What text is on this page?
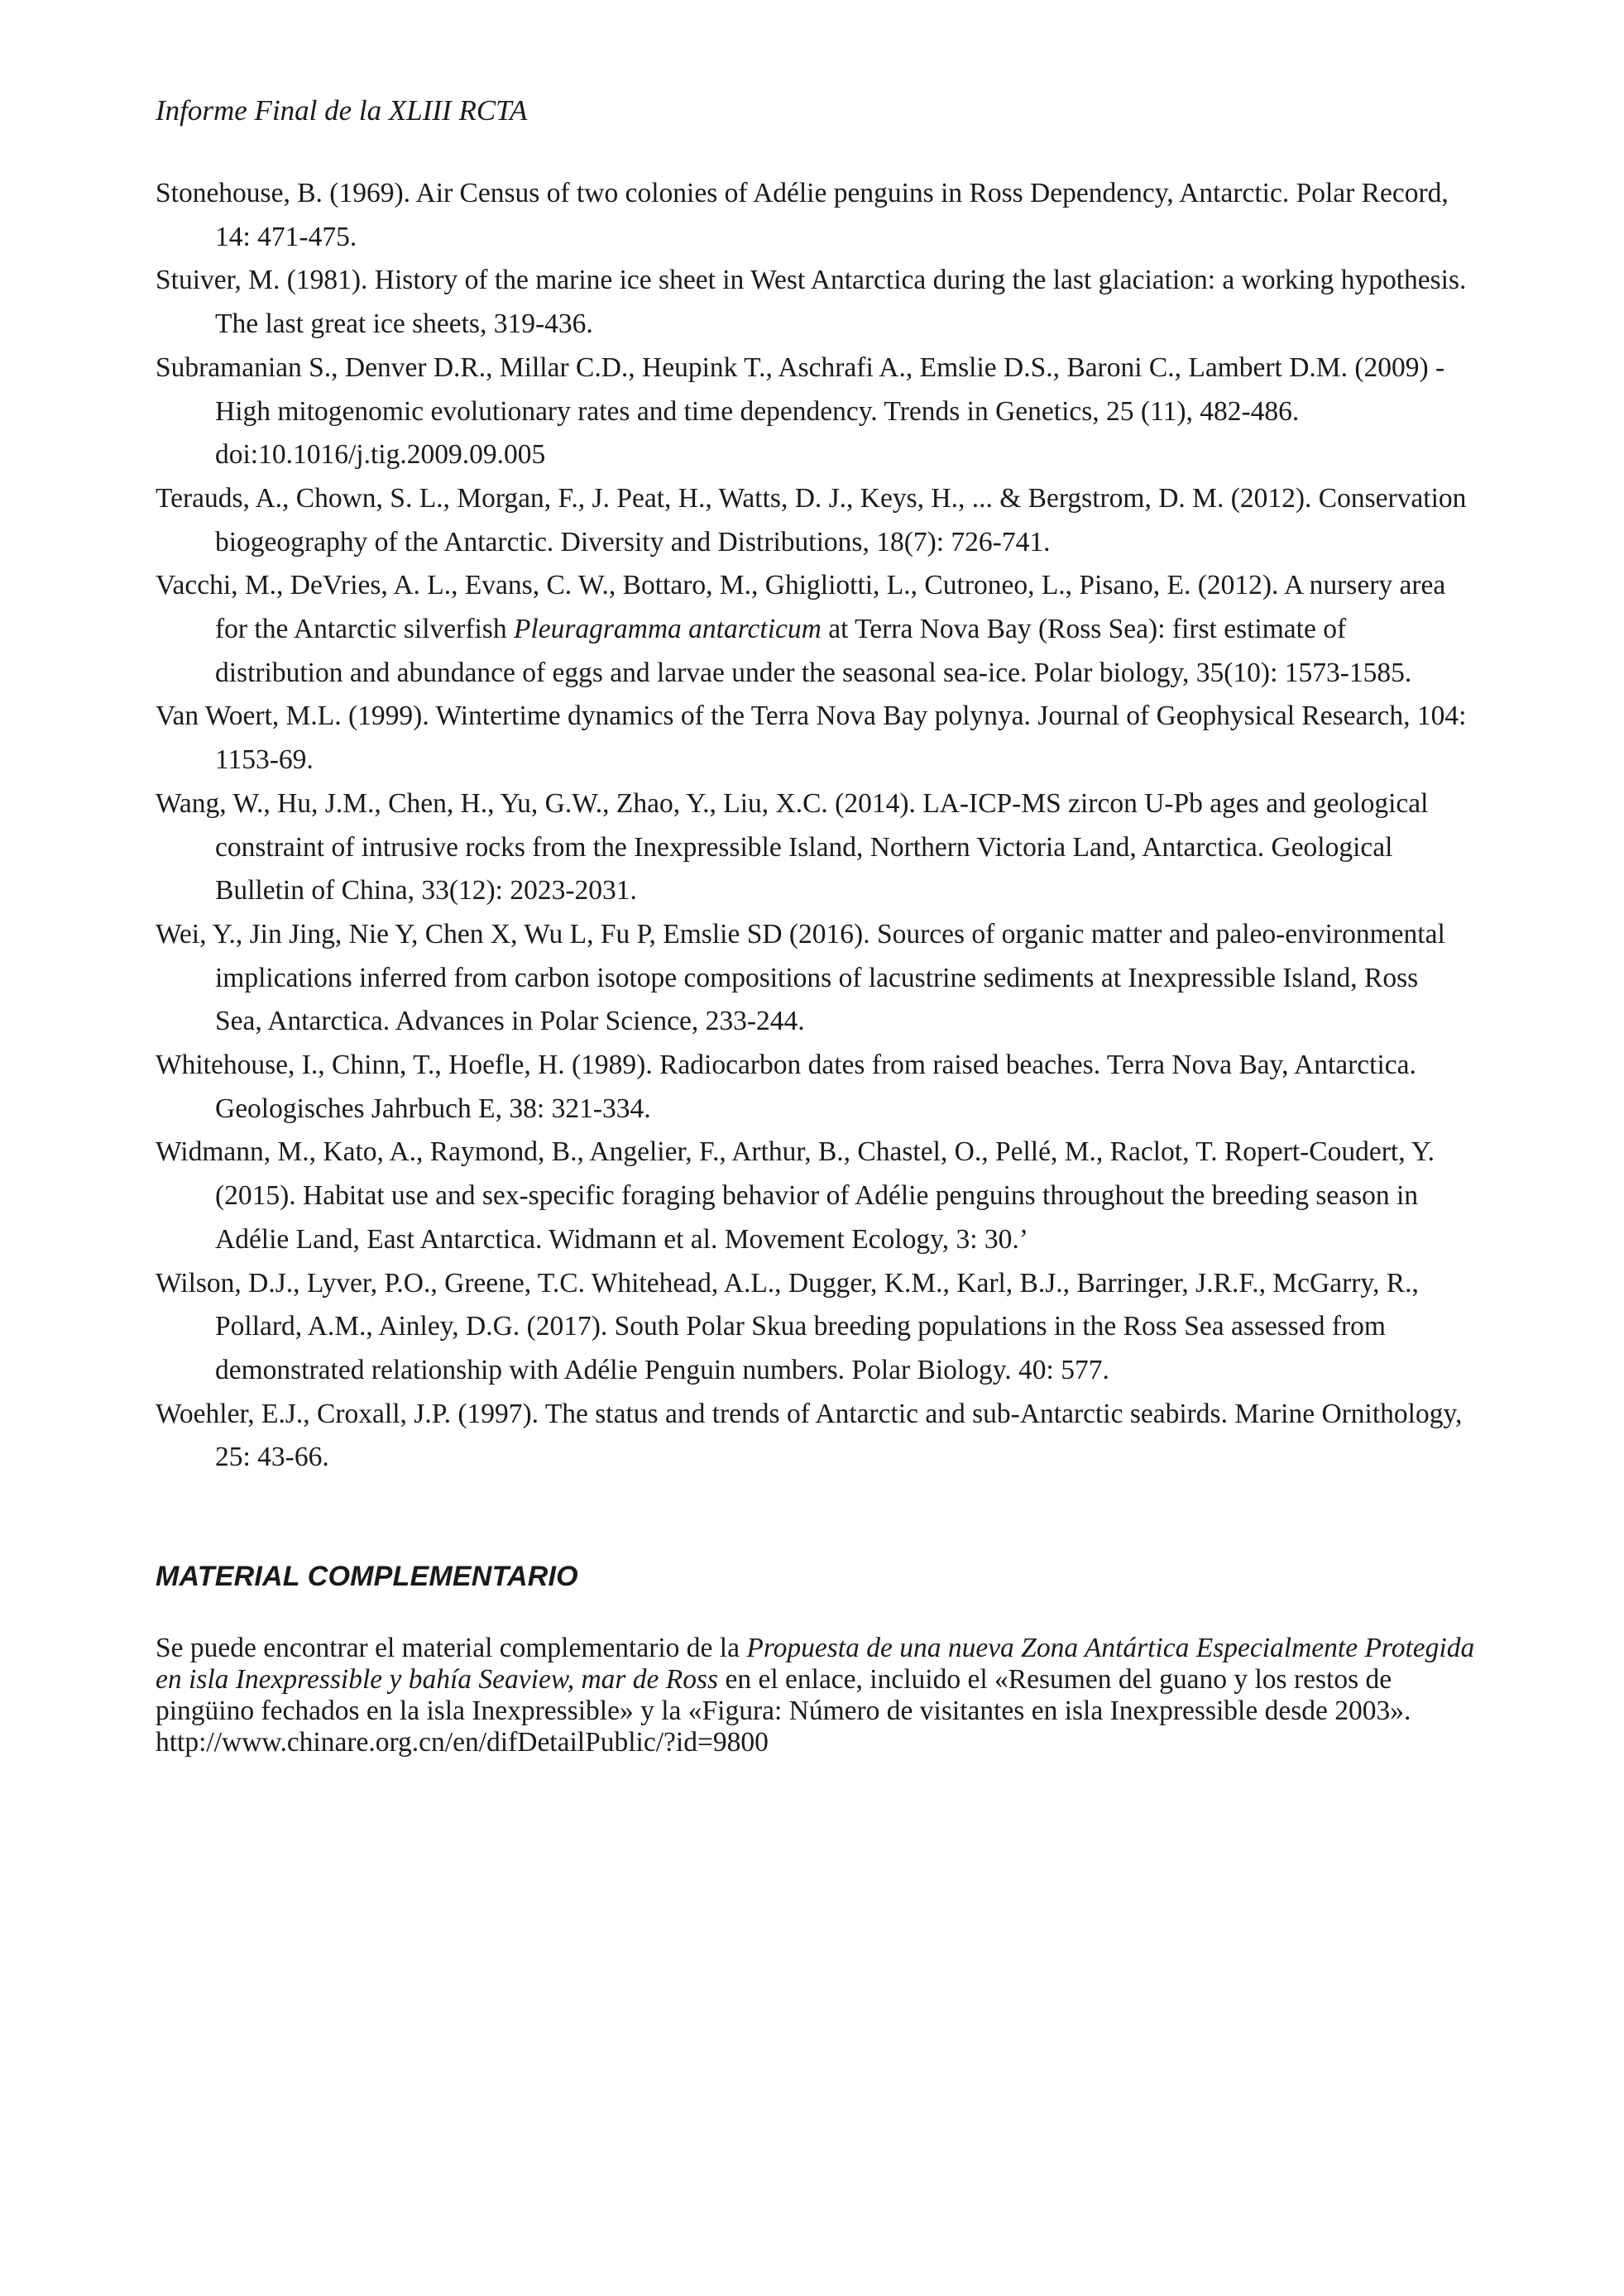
Informe Final de la XLIII RCTA
Stonehouse, B. (1969). Air Census of two colonies of Adélie penguins in Ross Dependency, Antarctic. Polar Record, 14: 471-475.
Stuiver, M. (1981). History of the marine ice sheet in West Antarctica during the last glaciation: a working hypothesis. The last great ice sheets, 319-436.
Subramanian S., Denver D.R., Millar C.D., Heupink T., Aschrafi A., Emslie D.S., Baroni C., Lambert D.M. (2009) - High mitogenomic evolutionary rates and time dependency. Trends in Genetics, 25 (11), 482-486. doi:10.1016/j.tig.2009.09.005
Terauds, A., Chown, S. L., Morgan, F., J. Peat, H., Watts, D. J., Keys, H., ... & Bergstrom, D. M. (2012). Conservation biogeography of the Antarctic. Diversity and Distributions, 18(7): 726-741.
Vacchi, M., DeVries, A. L., Evans, C. W., Bottaro, M., Ghigliotti, L., Cutroneo, L., Pisano, E. (2012). A nursery area for the Antarctic silverfish Pleuragramma antarcticum at Terra Nova Bay (Ross Sea): first estimate of distribution and abundance of eggs and larvae under the seasonal sea-ice. Polar biology, 35(10): 1573-1585.
Van Woert, M.L. (1999). Wintertime dynamics of the Terra Nova Bay polynya. Journal of Geophysical Research, 104: 1153-69.
Wang, W., Hu, J.M., Chen, H., Yu, G.W., Zhao, Y., Liu, X.C. (2014). LA-ICP-MS zircon U-Pb ages and geological constraint of intrusive rocks from the Inexpressible Island, Northern Victoria Land, Antarctica. Geological Bulletin of China, 33(12): 2023-2031.
Wei, Y., Jin Jing, Nie Y, Chen X, Wu L, Fu P, Emslie SD (2016). Sources of organic matter and paleo-environmental implications inferred from carbon isotope compositions of lacustrine sediments at Inexpressible Island, Ross Sea, Antarctica. Advances in Polar Science, 233-244.
Whitehouse, I., Chinn, T., Hoefle, H. (1989). Radiocarbon dates from raised beaches. Terra Nova Bay, Antarctica. Geologisches Jahrbuch E, 38: 321-334.
Widmann, M., Kato, A., Raymond, B., Angelier, F., Arthur, B., Chastel, O., Pellé, M., Raclot, T. Ropert-Coudert, Y. (2015). Habitat use and sex-specific foraging behavior of Adélie penguins throughout the breeding season in Adélie Land, East Antarctica. Widmann et al. Movement Ecology, 3: 30.’
Wilson, D.J., Lyver, P.O., Greene, T.C. Whitehead, A.L., Dugger, K.M., Karl, B.J., Barringer, J.R.F., McGarry, R., Pollard, A.M., Ainley, D.G. (2017). South Polar Skua breeding populations in the Ross Sea assessed from demonstrated relationship with Adélie Penguin numbers. Polar Biology. 40: 577.
Woehler, E.J., Croxall, J.P. (1997). The status and trends of Antarctic and sub-Antarctic seabirds. Marine Ornithology, 25: 43-66.
MATERIAL COMPLEMENTARIO

Se puede encontrar el material complementario de la Propuesta de una nueva Zona Antártica Especialmente Protegida en isla Inexpressible y bahía Seaview, mar de Ross en el enlace, incluido el «Resumen del guano y los restos de pingüino fechados en la isla Inexpressible» y la «Figura: Número de visitantes en isla Inexpressible desde 2003». http://www.chinare.org.cn/en/difDetailPublic/?id=9800
